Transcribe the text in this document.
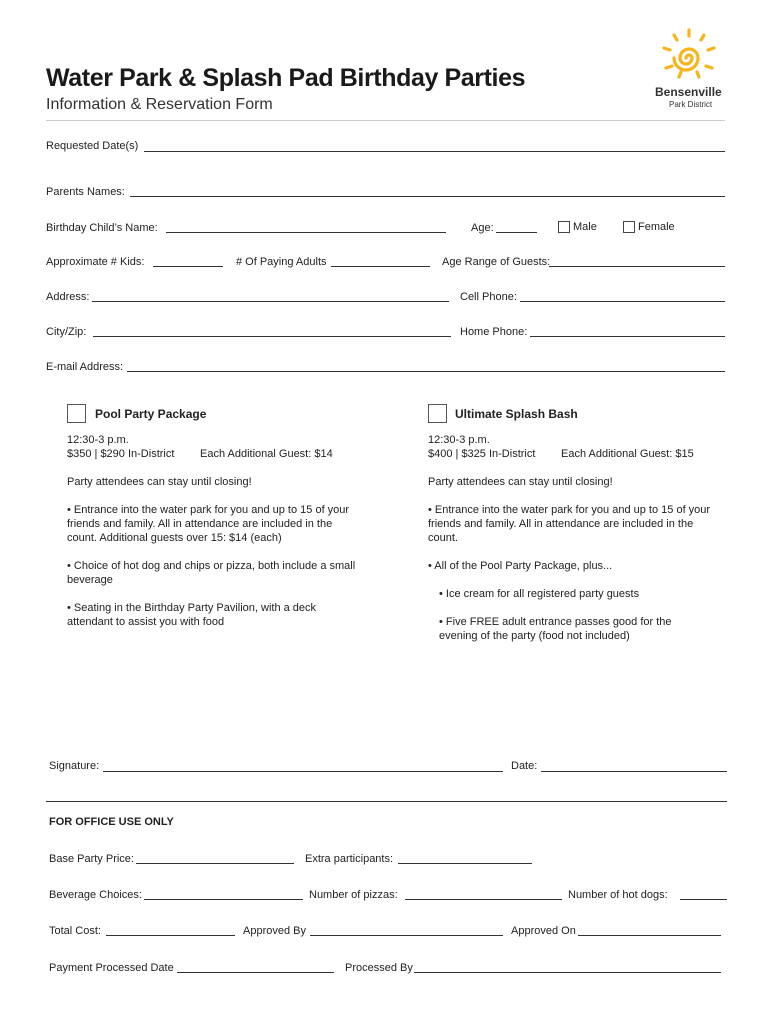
Water Park & Splash Pad Birthday Parties
Information & Reservation Form
Bensenville
Park District
Requested Date(s)
Parents Names:
Birthday Child’s Name:	Age:	Male	Female
Approximate # Kids:	# Of Paying Adults	Age Range of Guests:
Address:	Cell Phone:
City/Zip:	Home Phone:
E-mail Address:
Pool Party Package
12:30-3 p.m.
$350 | $290 In-District Each Additional Guest: $14
Party attendees can stay until closing!
• Entrance into the water park for you and up to 15 of your friends and family. All in attendance are included in the count. Additional guests over 15: $14 (each)
• Choice of hot dog and chips or pizza, both include a small beverage
• Seating in the Birthday Party Pavilion, with a deck attendant to assist you with food
Ultimate Splash Bash
12:30-3 p.m.
$400 | $325 In-District Each Additional Guest: $15
Party attendees can stay until closing!
• Entrance into the water park for you and up to 15 of your friends and family. All in attendance are included in the count.
• All of the Pool Party Package, plus...
• Ice cream for all registered party guests
• Five FREE adult entrance passes good for the evening of the party (food not included)
Signature:	Date:
FOR OFFICE USE ONLY
Base Party Price:	Extra participants:
Beverage Choices:	Number of pizzas:	Number of hot dogs:
Total Cost:	Approved By	Approved On
Payment Processed Date	Processed By
